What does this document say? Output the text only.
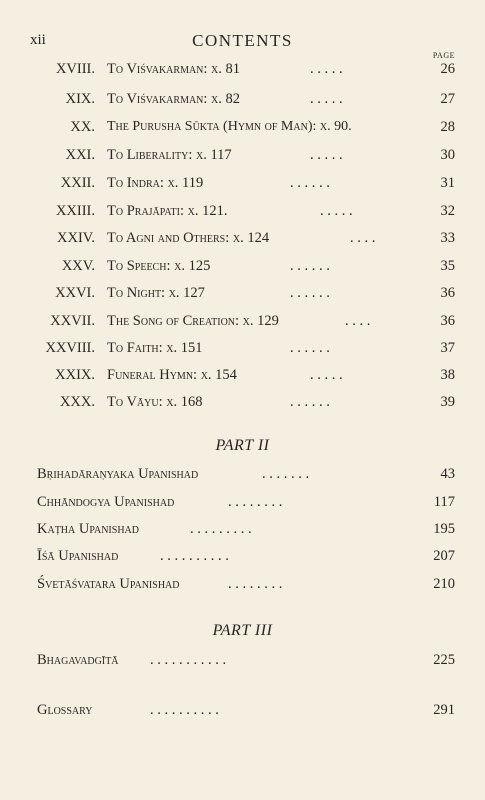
xii	CONTENTS
PAGE
XVIII. To Viśvakarman: x. 81	. . . . .	26
XIX. To Viśvakarman: x. 82	. . . . .	27
XX. The Purusha Sūkta (Hymn of Man): x. 90.	28
XXI. To Liberality: x. 117	. . . . .	30
XXII. To Indra: x. 119	. . . . . .	31
XXIII. To Prajāpati: x. 121.	. . . . .	32
XXIV. To Agni and Others: x. 124	. . . .	33
XXV. To Speech: x. 125	. . . . . .	35
XXVI. To Night: x. 127	. . . . . .	36
XXVII. The Song of Creation: x. 129	. . . .	36
XXVIII. To Faith: x. 151	. . . . . .	37
XXIX. Funeral Hymn: x. 154	. . . . .	38
XXX. To Vāyu: x. 168	. . . . . .	39
PART II
Bṛihadāraṇyaka Upanishad	. . . . . . .	43
Chhāndogya Upanishad	. . . . . . . .	117
Kaṭha Upanishad	. . . . . . . . .	195
Īśā Upanishad	. . . . . . . . . .	207
Śvetāśvatara Upanishad	. . . . . . . .	210
PART III
Bhagavadgītā . . . . . . . . . . .	225
Glossary	. . . . . . . . . .	291
